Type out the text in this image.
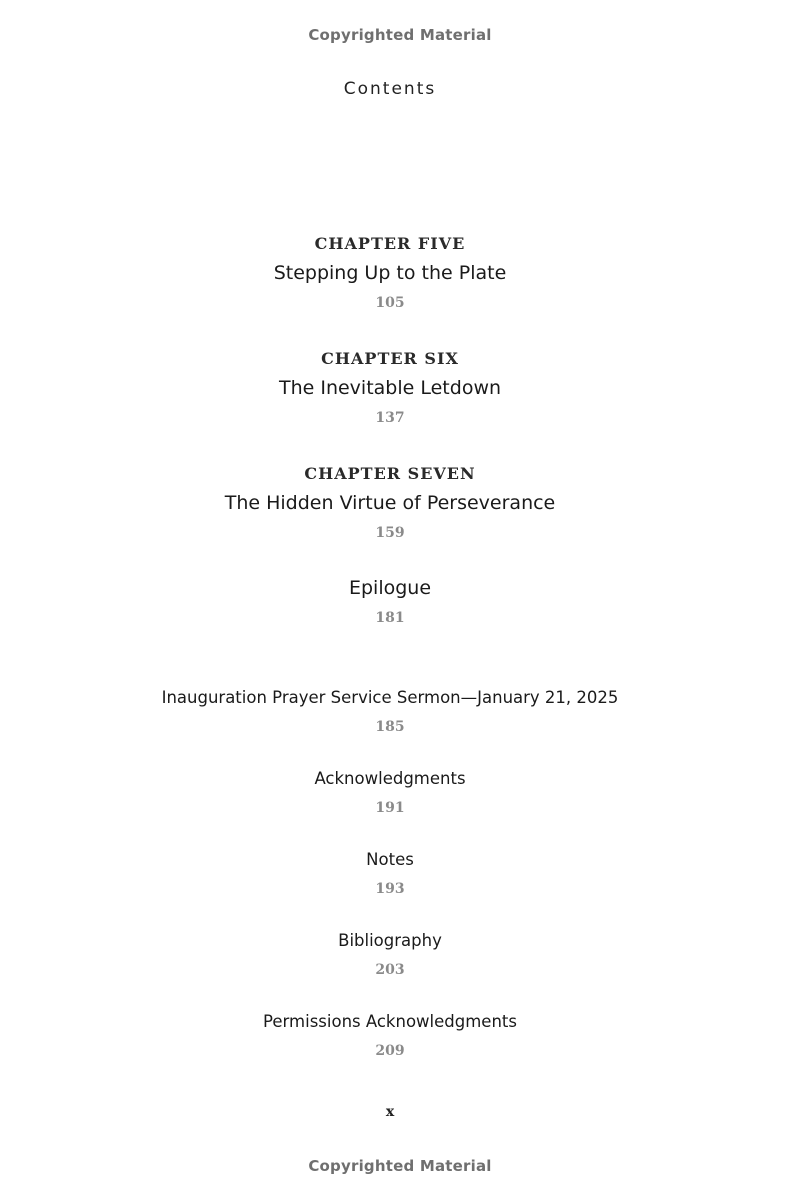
Copyrighted Material
Contents
CHAPTER FIVE
Stepping Up to the Plate
105
CHAPTER SIX
The Inevitable Letdown
137
CHAPTER SEVEN
The Hidden Virtue of Perseverance
159
Epilogue
181
Inauguration Prayer Service Sermon—January 21, 2025
185
Acknowledgments
191
Notes
193
Bibliography
203
Permissions Acknowledgments
209
x
Copyrighted Material
